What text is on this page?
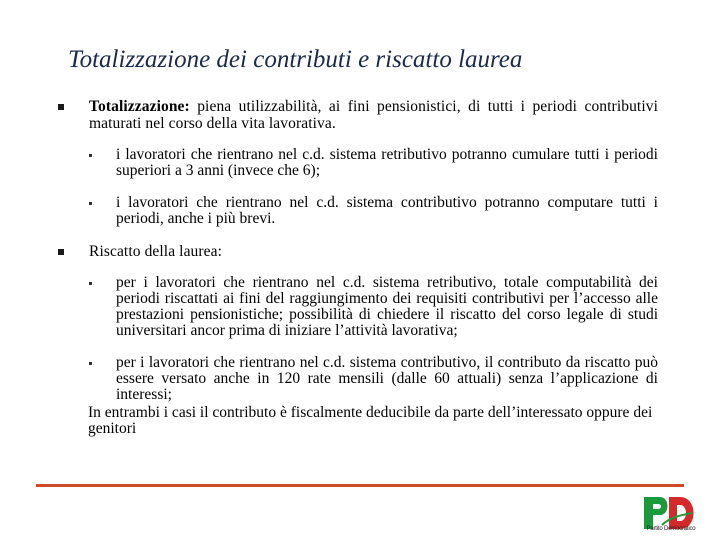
Totalizzazione dei contributi e riscatto laurea
Totalizzazione: piena utilizzabilità, ai fini pensionistici, di tutti i periodi contributivi maturati nel corso della vita lavorativa.
i lavoratori che rientrano nel c.d. sistema retributivo potranno cumulare tutti i periodi superiori a 3 anni (invece che 6);
i lavoratori che rientrano nel c.d. sistema contributivo potranno computare tutti i periodi, anche i più brevi.
Riscatto della laurea:
per i lavoratori che rientrano nel c.d. sistema retributivo, totale computabilità dei periodi riscattati ai fini del raggiungimento dei requisiti contributivi per l’accesso alle prestazioni pensionistiche; possibilità di chiedere il riscatto del corso legale di studi universitari ancor prima di iniziare l’attività lavorativa;
per i lavoratori che rientrano nel c.d. sistema contributivo, il contributo da riscatto può essere versato anche in 120 rate mensili (dalle 60 attuali) senza l’applicazione di interessi;
In entrambi i casi il contributo è fiscalmente deducibile da parte dell’interessato oppure dei genitori
Partito Democratico
